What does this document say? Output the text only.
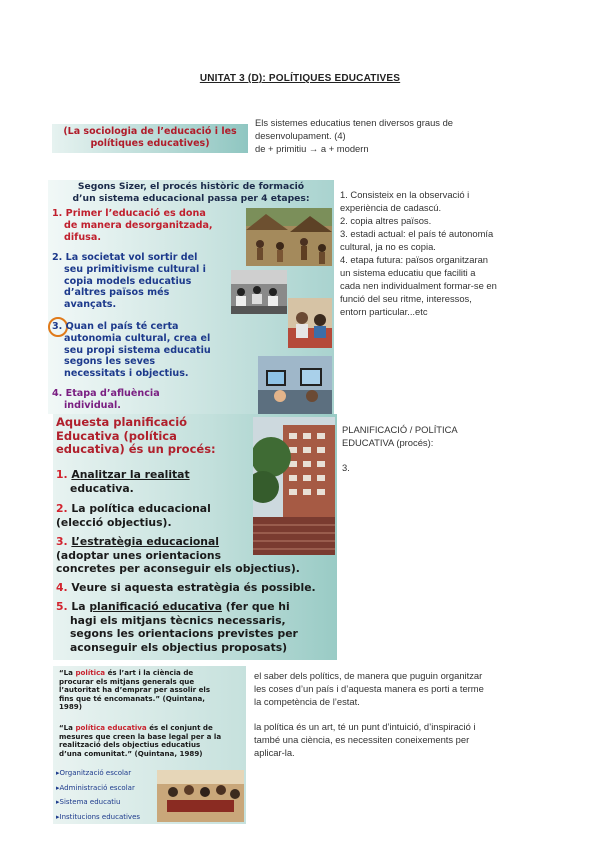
UNITAT 3 (D): POLÍTIQUES EDUCATIVES
(La sociologia de l’educació i les
polítiques educatives)
Els sistemes educatius tenen diversos graus de
desenvolupament. (4)
de + primitiu → a + modern
Segons Sizer, el procés històric de formació
d’un sistema educacional passa per 4 etapes:
1. Primer l’educació es dona
de manera desorganitzada,
difusa.
2. La societat vol sortir del
seu primitivisme cultural i
copia models educatius
d’altres països més
avançats.
3. Quan el país té certa
autonomia cultural, crea el
seu propi sistema educatiu
segons les seves
necessitats i objectius.
4. Etapa d’afluència
individual.
1. Consisteix en la observació i
experiència de cadascú.
2. copia altres països.
3. estadi actual: el país té autonomía
cultural, ja no es copia.
4. etapa futura: països organitzaran
un sistema educatiu que faciliti a
cada nen individualment formar-se en
funció del seu ritme, interessos,
entorn particular...etc
Aquesta planificació
Educativa (política
educativa) és un procés:
1. Analitzar la realitat
educativa.
2. La política educacional
(elecció objectius).
3. L’estratègia educacional
(adoptar unes orientacions
concretes per aconseguir els objectius).
4. Veure si aquesta estratègia és possible.
5. La planificació educativa (fer que hi
hagi els mitjans tècnics necessaris,
segons les orientacions previstes per
aconseguir els objectius proposats)
PLANIFICACIÓ / POLÍTICA
EDUCATIVA (procés):
3.
“La política és l’art i la ciència de
procurar els mitjans generals que
l’autoritat ha d’emprar per assolir els
fins que té encomanats.” (Quintana,
1989)
“La política educativa és el conjunt de
mesures que creen la base legal per a la
realització dels objectius educatius
d’una comunitat.” (Quintana, 1989)
▸Organització escolar
▸Administració escolar
▸Sistema educatiu
▸Institucions educatives
el saber dels polítics, de manera que puguin organitzar
les coses d’un país i d’aquesta manera es porti a terme
la competència de l’estat.
la política és un art, té un punt d’intuició, d’inspiració i
també una ciència, es necessiten coneixements per
aplicar-la.
